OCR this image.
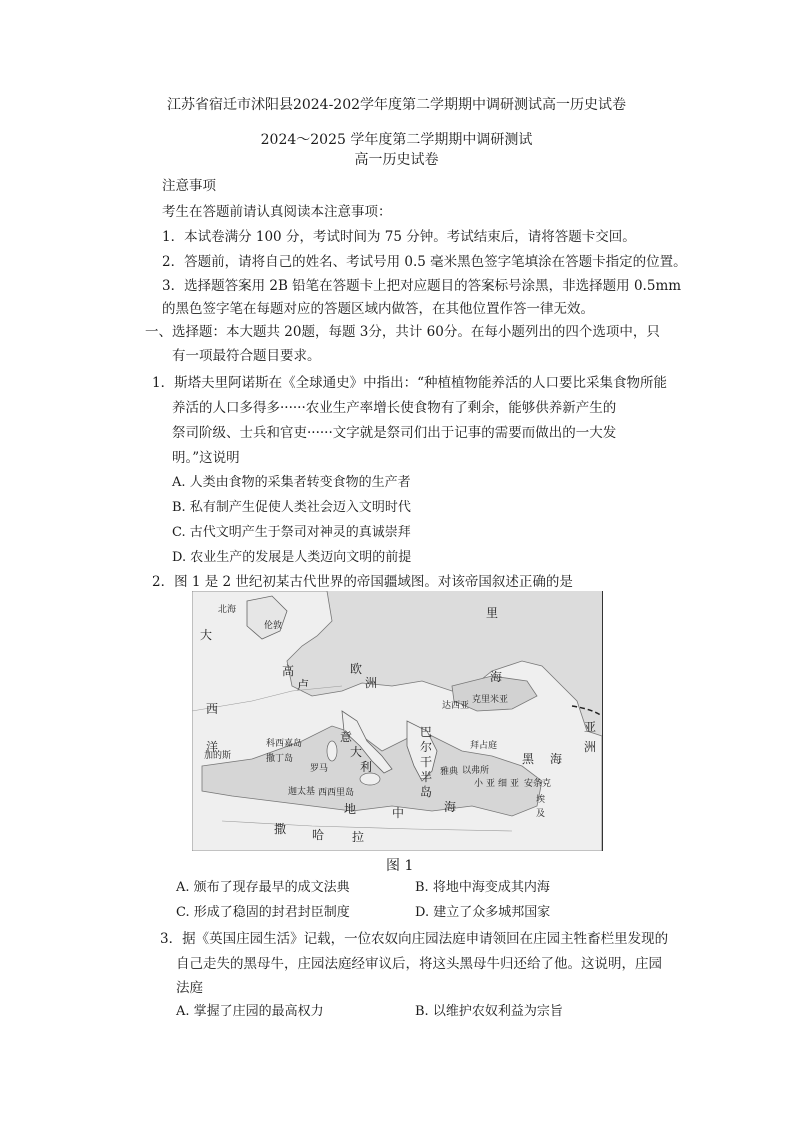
江苏省宿迁市沭阳县2024-202学年度第二学期期中调研测试高一历史试卷
2024～2025 学年度第二学期期中调研测试
高一历史试卷
注意事项
考生在答题前请认真阅读本注意事项：
1．本试卷满分 100 分，考试时间为 75 分钟。考试结束后，请将答题卡交回。
2．答题前，请将自己的姓名、考试号用 0.5 毫米黑色签字笔填涂在答题卡指定的位置。
3．选择题答案用 2B 铅笔在答题卡上把对应题目的答案标号涂黑，非选择题用 0.5mm
的黑色签字笔在每题对应的答题区域内做答，在其他位置作答一律无效。
一、选择题：本大题共 20题，每题 3分，共计 60分。在每小题列出的四个选项中，只
有一项最符合题目要求。
1．斯塔夫里阿诺斯在《全球通史》中指出：“种植植物能养活的人口要比采集食物所能
养活的人口多得多······农业生产率增长使食物有了剩余，能够供养新产生的
祭司阶级、士兵和官吏······文字就是祭司们出于记事的需要而做出的一大发
明。”这说明
A. 人类由食物的采集者转变食物的生产者
B. 私有制产生促使人类社会迈入文明时代
C. 古代文明产生于祭司对神灵的真诚崇拜
D. 农业生产的发展是人类迈向文明的前提
2．图 1 是 2 世纪初某古代世界的帝国疆域图。对该帝国叙述正确的是
北海
大
西
洋
高
卢
欧
洲
罗马
意
大
利
巴
尔
干
半
岛
地	中	海
撒 哈 拉
小 亚 细 亚
黑 海
里
海
亚
洲
埃
及
迦太基 西西里岛
科西嘉岛
撒丁岛
加的斯
以弗所
安条克
雅典
拜占庭
伦敦
达西亚
克里米亚
图 1
A. 颁布了现存最早的成文法典	B. 将地中海变成其内海
C. 形成了稳固的封君封臣制度	D. 建立了众多城邦国家
3．据《英国庄园生活》记载，一位农奴向庄园法庭申请领回在庄园主牲畜栏里发现的
自己走失的黑母牛，庄园法庭经审议后，将这头黑母牛归还给了他。这说明，庄园
法庭
A. 掌握了庄园的最高权力	B. 以维护农奴利益为宗旨
